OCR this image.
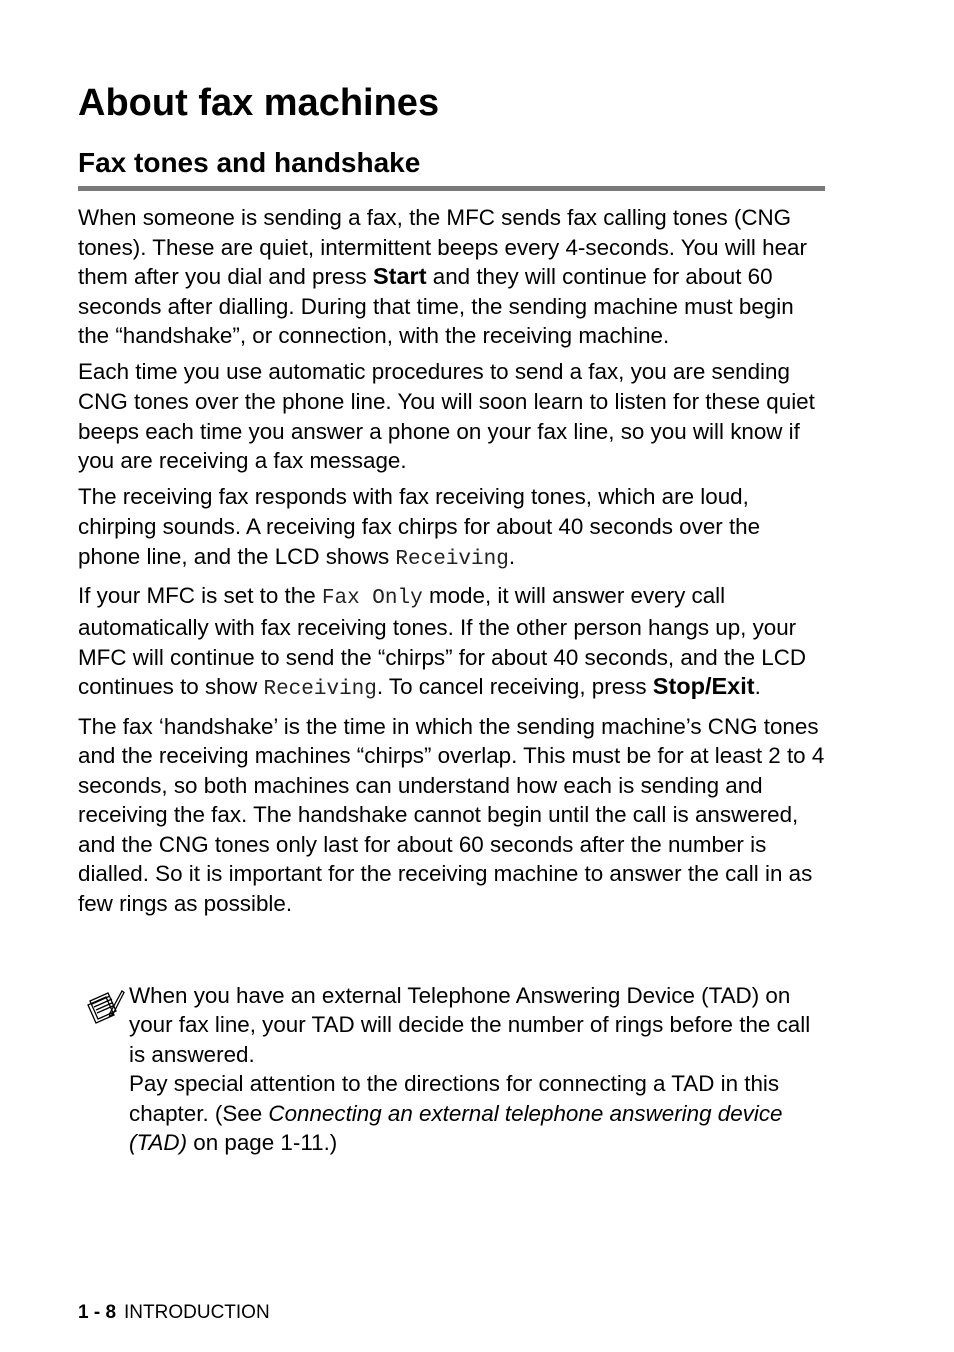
About fax machines
Fax tones and handshake

When someone is sending a fax, the MFC sends fax calling tones (CNG tones). These are quiet, intermittent beeps every 4-seconds. You will hear them after you dial and press Start and they will continue for about 60 seconds after dialling. During that time, the sending machine must begin the “handshake”, or connection, with the receiving machine.

Each time you use automatic procedures to send a fax, you are sending CNG tones over the phone line. You will soon learn to listen for these quiet beeps each time you answer a phone on your fax line, so you will know if you are receiving a fax message.

The receiving fax responds with fax receiving tones, which are loud, chirping sounds. A receiving fax chirps for about 40 seconds over the phone line, and the LCD shows Receiving.

If your MFC is set to the Fax Only mode, it will answer every call automatically with fax receiving tones. If the other person hangs up, your MFC will continue to send the “chirps” for about 40 seconds, and the LCD continues to show Receiving. To cancel receiving, press Stop/Exit.

The fax ‘handshake’ is the time in which the sending machine’s CNG tones and the receiving machines “chirps” overlap. This must be for at least 2 to 4 seconds, so both machines can understand how each is sending and receiving the fax. The handshake cannot begin until the call is answered, and the CNG tones only last for about 60 seconds after the number is dialled. So it is important for the receiving machine to answer the call in as few rings as possible.

When you have an external Telephone Answering Device (TAD) on your fax line, your TAD will decide the number of rings before the call is answered.

Pay special attention to the directions for connecting a TAD in this chapter. (See Connecting an external telephone answering device (TAD) on page 1-11.)

1 - 8 INTRODUCTION
